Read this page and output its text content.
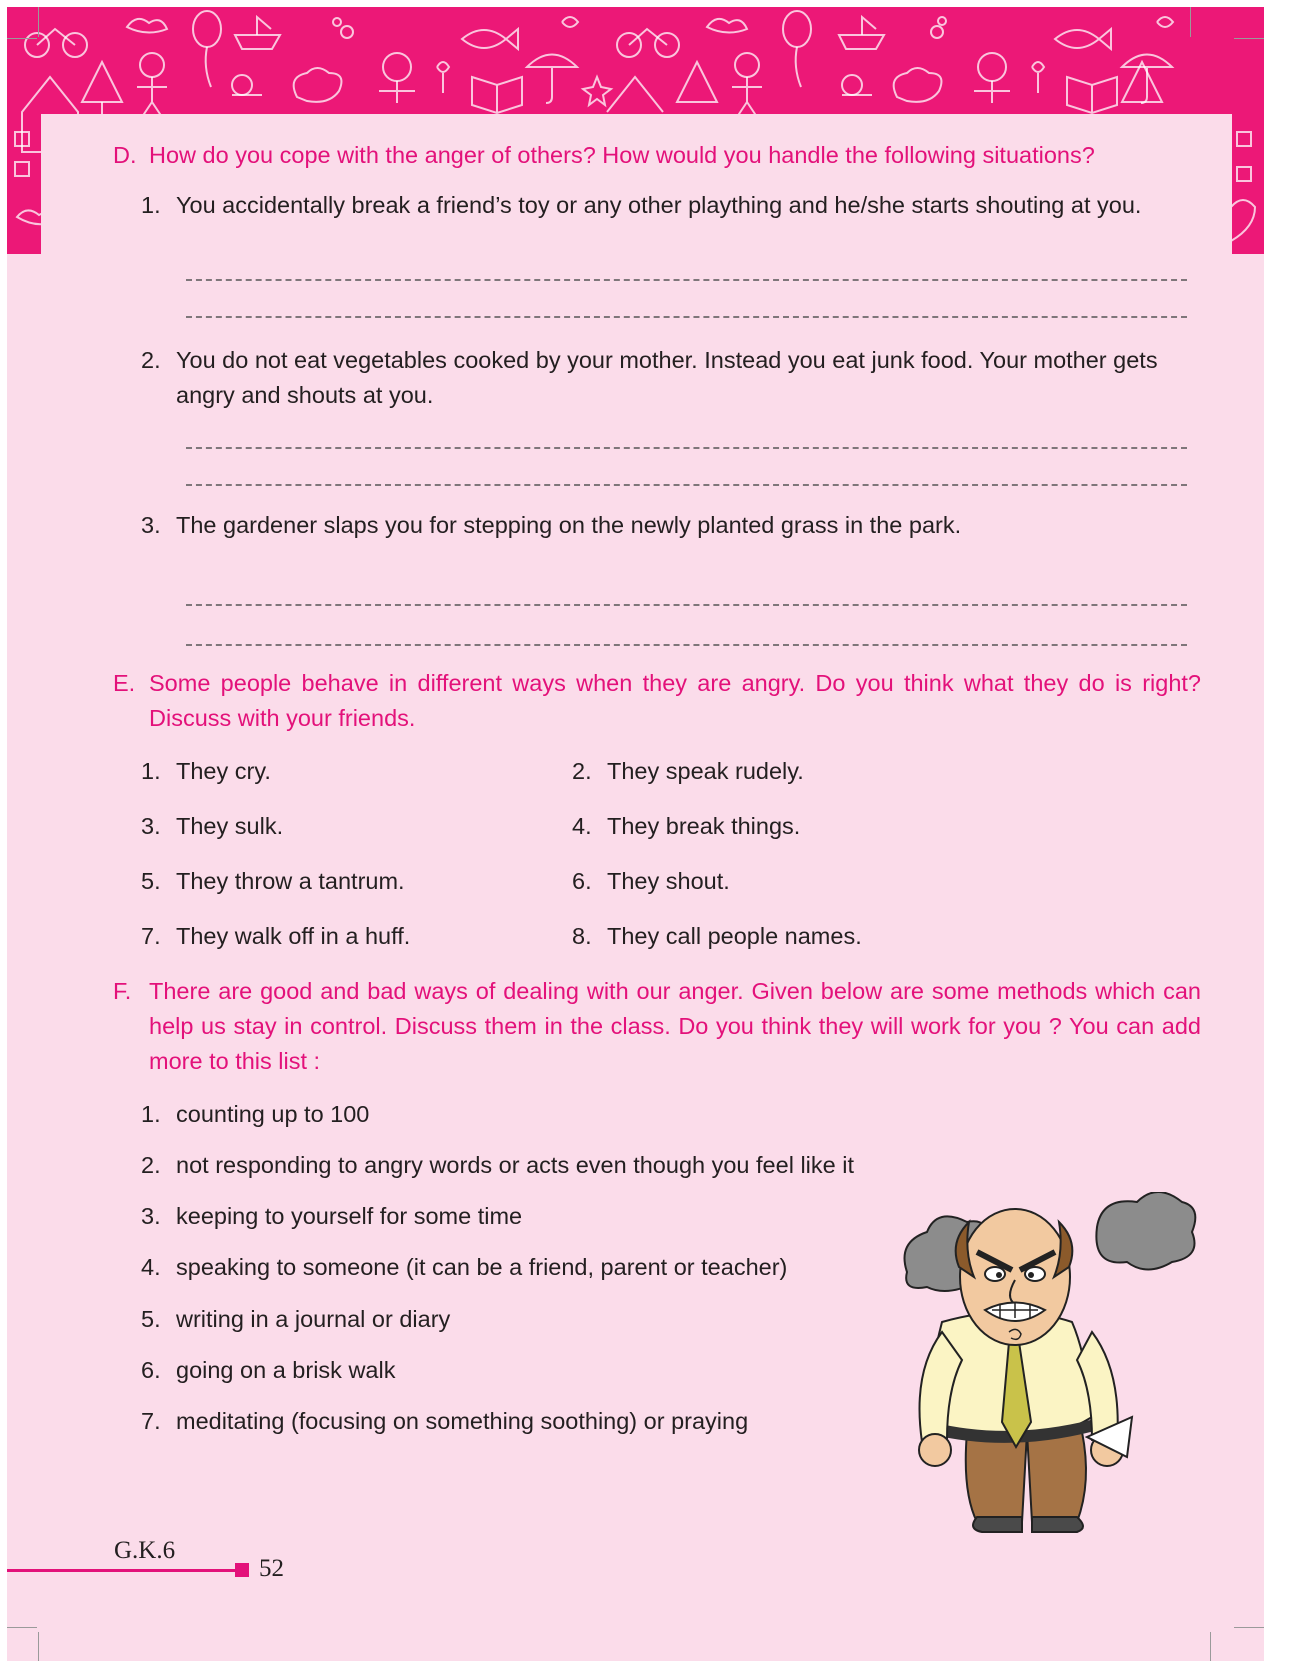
D. How do you cope with the anger of others? How would you handle the following situations?
1. You accidentally break a friend’s toy or any other plaything and he/she starts shouting at you.
2. You do not eat vegetables cooked by your mother. Instead you eat junk food. Your mother gets angry and shouts at you.
3. The gardener slaps you for stepping on the newly planted grass in the park.
E. Some people behave in different ways when they are angry. Do you think what they do is right? Discuss with your friends.
1. They cry.	2. They speak rudely.
3. They sulk.	4. They break things.
5. They throw a tantrum.	6. They shout.
7. They walk off in a huff.	8. They call people names.
F. There are good and bad ways of dealing with our anger. Given below are some methods which can help us stay in control. Discuss them in the class. Do you think they will work for you ? You can add more to this list :
1. counting up to 100
2. not responding to angry words or acts even though you feel like it
3. keeping to yourself for some time
4. speaking to someone (it can be a friend, parent or teacher)
5. writing in a journal or diary
6. going on a brisk walk
7. meditating (focusing on something soothing) or praying
G.K.6
52
